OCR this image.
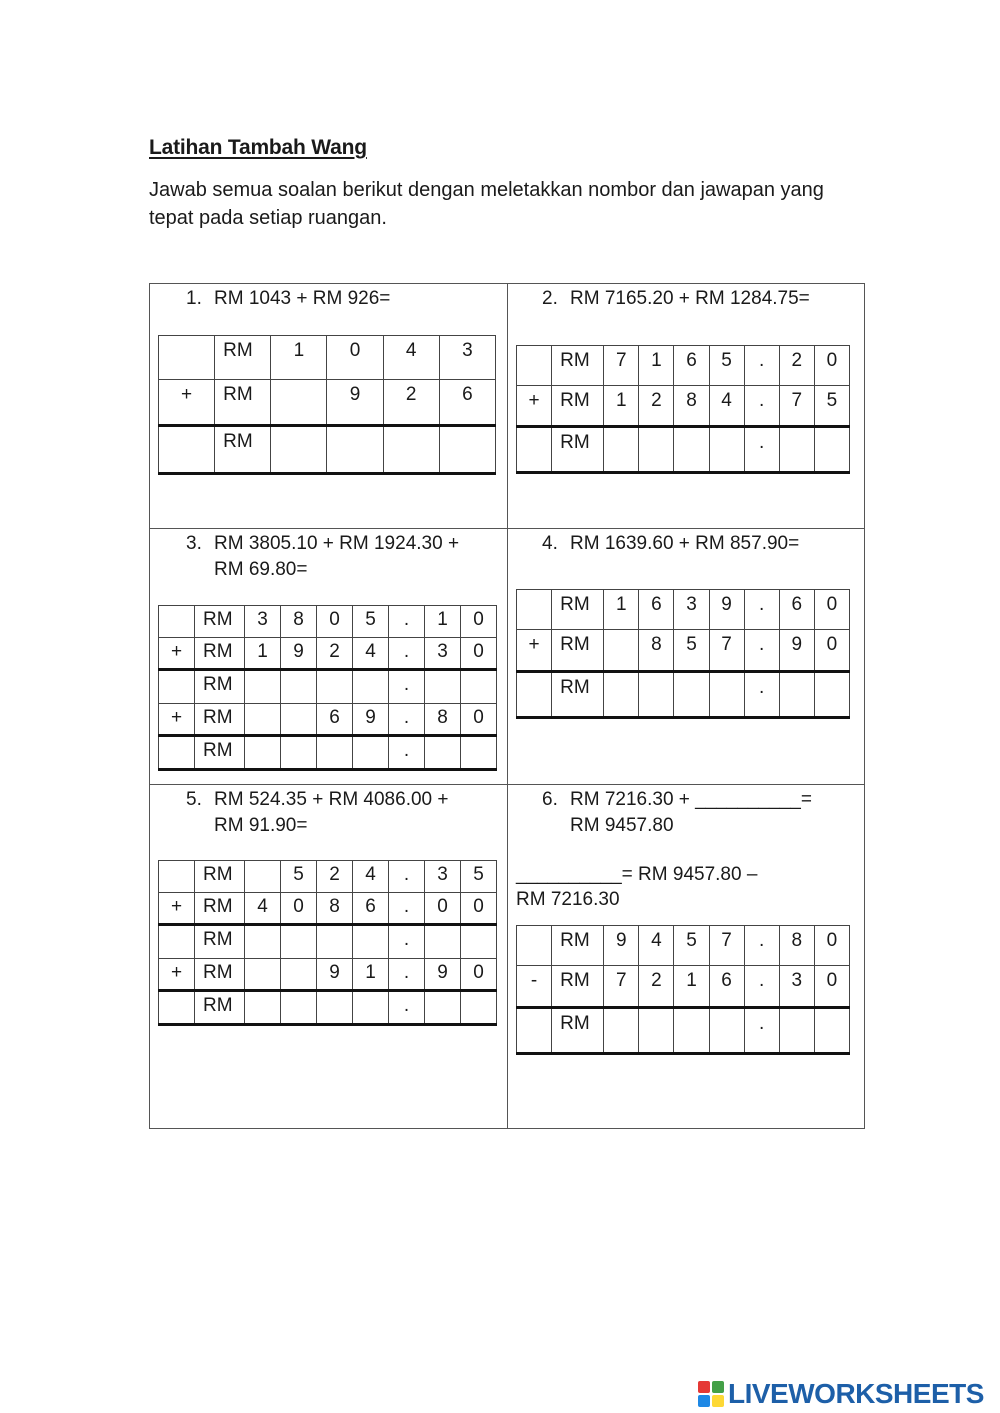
Latihan Tambah Wang
Jawab semua soalan berikut dengan meletakkan nombor dan jawapan yang tepat pada setiap ruangan.
1. RM 1043 + RM 926=
	RM	1	0	4	3
+	RM		9	2	6
	RM				
2. RM 7165.20 + RM 1284.75=
	RM	7	1	6	5	.	2	0
+	RM	1	2	8	4	.	7	5
	RM					.		
3. RM 3805.10 + RM 1924.30 +
RM 69.80=
	RM	3	8	0	5	.	1	0
+	RM	1	9	2	4	.	3	0
	RM					.		
+	RM			6	9	.	8	0
	RM					.		
4. RM 1639.60 + RM 857.90=
	RM	1	6	3	9	.	6	0
+	RM		8	5	7	.	9	0
	RM					.		
5. RM 524.35 + RM 4086.00 +
RM 91.90=
	RM		5	2	4	.	3	5
+	RM	4	0	8	6	.	0	0
	RM					.		
+	RM			9	1	.	9	0
	RM					.		
6. RM 7216.30 + __________=
RM 9457.80
__________= RM 9457.80 –
RM 7216.30
	RM	9	4	5	7	.	8	0
-	RM	7	2	1	6	.	3	0
	RM					.		
LIVEWORKSHEETS
